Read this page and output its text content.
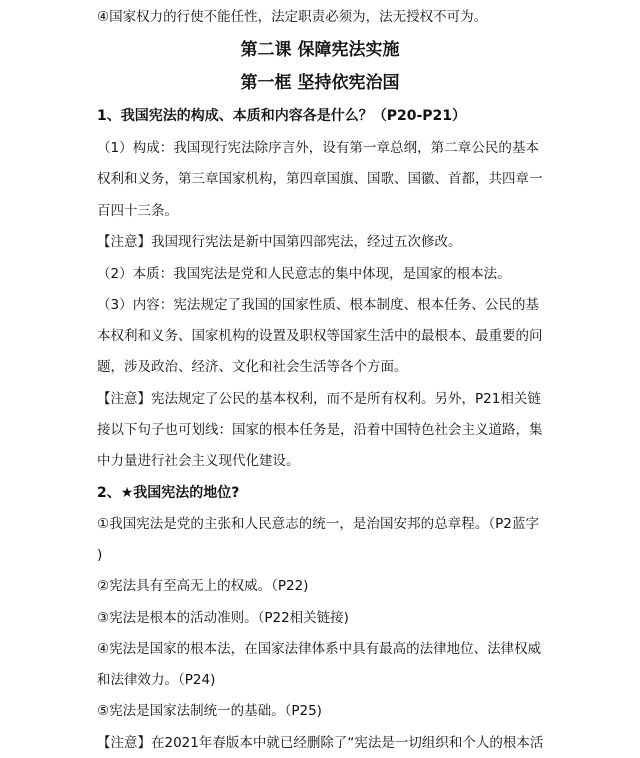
④国家权力的行使不能任性，法定职责必须为，法无授权不可为。
第二课 保障宪法实施
第一框 坚持依宪治国
1、我国宪法的构成、本质和内容各是什么？（P20-P21）
（1）构成：我国现行宪法除序言外，设有第一章总纲，第二章公民的基本
权利和义务，第三章国家机构，第四章国旗、国歌、国徽、首都，共四章一
百四十三条。
【注意】我国现行宪法是新中国第四部宪法，经过五次修改。
（2）本质：我国宪法是党和人民意志的集中体现，是国家的根本法。
（3）内容：宪法规定了我国的国家性质、根本制度、根本任务、公民的基
本权利和义务、国家机构的设置及职权等国家生活中的最根本、最重要的问
题，涉及政治、经济、文化和社会生活等各个方面。
【注意】宪法规定了公民的基本权利，而不是所有权利。另外，P21相关链
接以下句子也可划线：国家的根本任务是，沿着中国特色社会主义道路，集
中力量进行社会主义现代化建设。
2、★我国宪法的地位?
①我国宪法是党的主张和人民意志的统一，是治国安邦的总章程。（P2蓝字
)
②宪法具有至高无上的权威。（P22)
③宪法是根本的活动准则。（P22相关链接)
④宪法是国家的根本法，在国家法律体系中具有最高的法律地位、法律权威
和法律效力。（P24)
⑤宪法是国家法制统一的基础。（P25)
【注意】在2021年春版本中就已经删除了“宪法是一切组织和个人的根本活
